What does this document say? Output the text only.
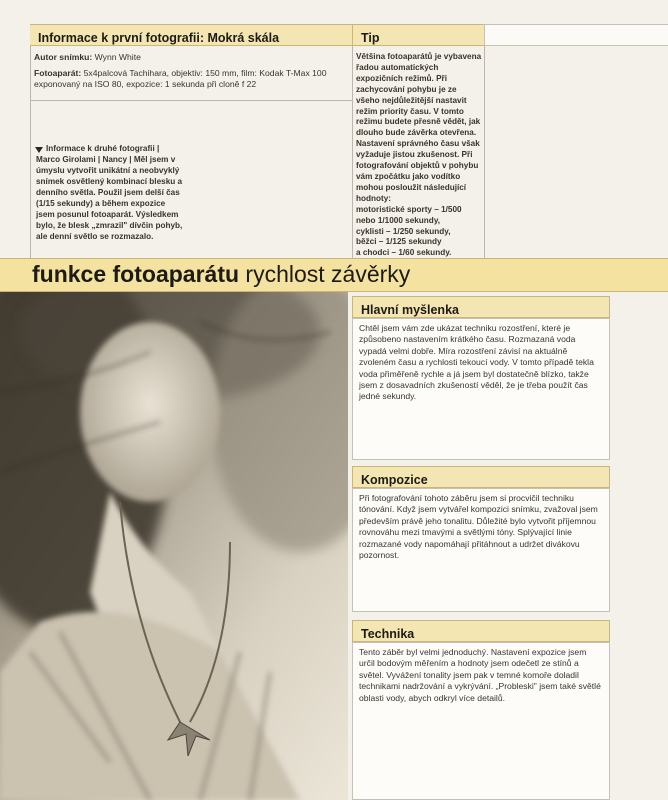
Informace k první fotografii: Mokrá skála	Tip
Autor snímku: Wynn White
Fotoaparát: 5x4palcová Tachihara, objektiv: 150 mm, film: Kodak T-Max 100 exponovaný na ISO 80, expozice: 1 sekunda při cloně f 22
Informace k druhé fotografii | Marco Girolami | Nancy | Měl jsem v úmyslu vytvořit unikátní a neobvyklý snímek osvětlený kombinací blesku a denního světla. Použil jsem delší čas (1/15 sekundy) a během expozice jsem posunul fotoaparát. Výsledkem bylo, že blesk „zmrazil" dívčin pohyb, ale denní světlo se rozmazalo.
Většina fotoaparátů je vybavena řadou automatických expozičních režimů. Při zachycování pohybu je ze všeho nejdůležitější nastavit režim priority času. V tomto režimu budete přesně vědět, jak dlouho bude závěrka otevřena. Nastavení správného času však vyžaduje jistou zkušenost. Při fotografování objektů v pohybu vám zpočátku jako vodítko mohou posloužit následující hodnoty:
motoristické sporty – 1/500
nebo 1/1000 sekundy,
cyklisti – 1/250 sekundy,
běžci – 1/125 sekundy
a chodci – 1/60 sekundy.
funkce fotoaparátu rychlost závěrky
Hlavní myšlenka
Chtěl jsem vám zde ukázat techniku rozostření, které je způsobeno nastavením krátkého času. Rozmazaná voda vypadá velmi dobře. Míra rozostření závisí na aktuálně zvoleném času a rychlosti tekoucí vody. V tomto případě tekla voda přiměřeně rychle a já jsem byl dostatečně blízko, takže jsem z dosavadních zkušeností věděl, že je třeba použít čas jedné sekundy.
Kompozice
Při fotografování tohoto záběru jsem si procvičil techniku tónování. Když jsem vytvářel kompozici snímku, zvažoval jsem především právě jeho tonalitu. Důležité bylo vytvořit příjemnou rovnováhu mezi tmavými a světlými tóny. Splývající linie rozmazané vody napomáhají přitáhnout a udržet divákovu pozornost.
Technika
Tento záběr byl velmi jednoduchý. Nastavení expozice jsem určil bodovým měřením a hodnoty jsem odečetl ze stínů a světel. Vyvážení tonality jsem pak v temné komoře doladil technikami nadržování a vykrývání. „Probleski" jsem také světlé oblasti vody, abych odkryl více detailů.
